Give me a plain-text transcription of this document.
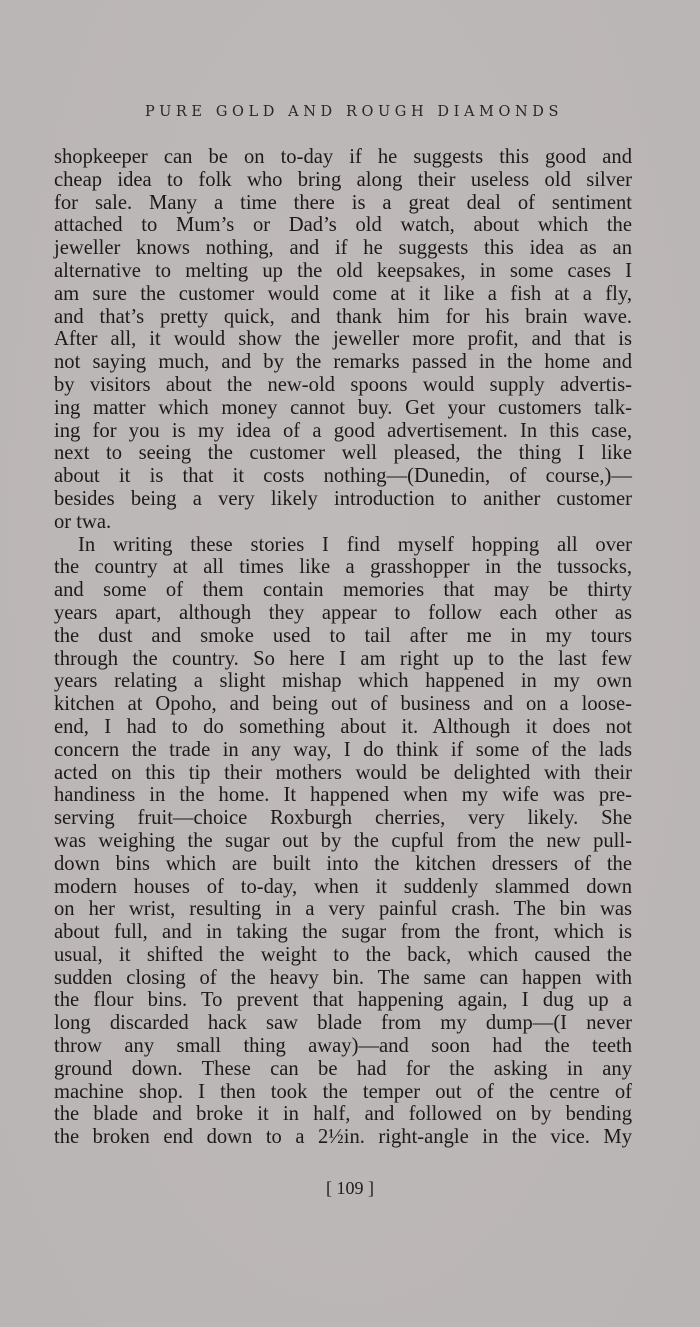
PURE GOLD AND ROUGH DIAMONDS
shopkeeper can be on to-day if he suggests this good and
cheap idea to folk who bring along their useless old silver
for sale. Many a time there is a great deal of sentiment
attached to Mum’s or Dad’s old watch, about which the
jeweller knows nothing, and if he suggests this idea as an
alternative to melting up the old keepsakes, in some cases I
am sure the customer would come at it like a fish at a fly,
and that’s pretty quick, and thank him for his brain wave.
After all, it would show the jeweller more profit, and that is
not saying much, and by the remarks passed in the home and
by visitors about the new-old spoons would supply advertis-
ing matter which money cannot buy. Get your customers talk-
ing for you is my idea of a good advertisement. In this case,
next to seeing the customer well pleased, the thing I like
about it is that it costs nothing—(Dunedin, of course,)—
besides being a very likely introduction to anither customer
or twa.
In writing these stories I find myself hopping all over
the country at all times like a grasshopper in the tussocks,
and some of them contain memories that may be thirty
years apart, although they appear to follow each other as
the dust and smoke used to tail after me in my tours
through the country. So here I am right up to the last few
years relating a slight mishap which happened in my own
kitchen at Opoho, and being out of business and on a loose-
end, I had to do something about it. Although it does not
concern the trade in any way, I do think if some of the lads
acted on this tip their mothers would be delighted with their
handiness in the home. It happened when my wife was pre-
serving fruit—choice Roxburgh cherries, very likely. She
was weighing the sugar out by the cupful from the new pull-
down bins which are built into the kitchen dressers of the
modern houses of to-day, when it suddenly slammed down
on her wrist, resulting in a very painful crash. The bin was
about full, and in taking the sugar from the front, which is
usual, it shifted the weight to the back, which caused the
sudden closing of the heavy bin. The same can happen with
the flour bins. To prevent that happening again, I dug up a
long discarded hack saw blade from my dump—(I never
throw any small thing away)—and soon had the teeth
ground down. These can be had for the asking in any
machine shop. I then took the temper out of the centre of
the blade and broke it in half, and followed on by bending
the broken end down to a 2½in. right-angle in the vice. My
[ 109 ]
